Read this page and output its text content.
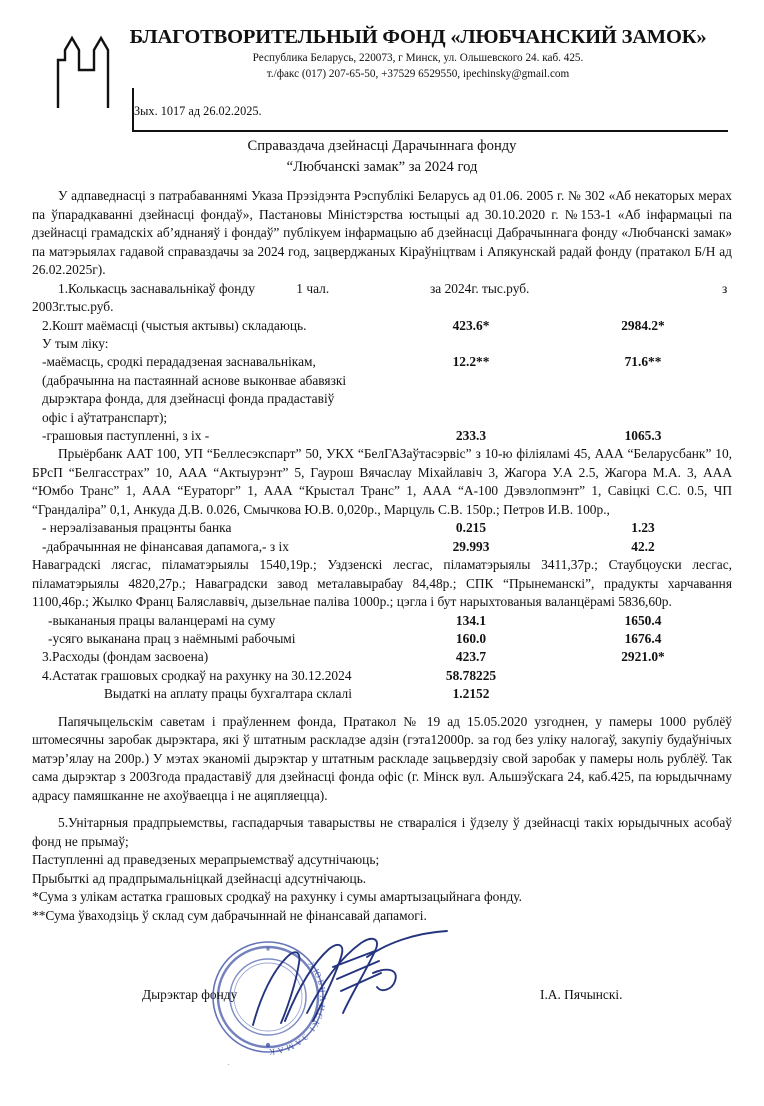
БЛАГОТВОРИТЕЛЬНЫЙ ФОНД «ЛЮБЧАНСКИЙ ЗАМОК»
Республика Беларусь, 220073, г Минск, ул. Ольшевского 24. каб. 425.
т./факс (017) 207-65-50, +37529 6529550, ipechinsky@gmail.com
Зых. 1017 ад 26.02.2025.
Справаздача дзейнасці Дарачыннага фонду
“Любчанскі замак” за 2024 год

У адпаведнасці з патрабаваннямі Указа Прэзідэнта Рэспублікі Беларусь ад 01.06. 2005 г. № 302 «Аб некаторых мерах па ўпарадкаванні дзейнасці фондаў», Пастановы Міністэрства юстыцыі ад 30.10.2020 г. №153-1 «Аб інфармацыі па дзейнасці грамадскіх аб’яднаняў і фондаў” публікуем інфармацыю аб дзейнасці Дабрачыннага фонду «Любчанскі замак» па матэрыялах гадавой справаздачы за 2024 год, зацверджаных Кіраўніцтвам і Апякунскай радай фонду (пратакол Б/Н ад 26.02.2025г).

1.Колькасць заснавальнікаў фонду	1 чал.	за 2024г. тыс.руб.	з
2003г.тыс.руб.
2.Кошт маёмасці (чыстыя актывы) складаюць.	423.6*	2984.2*
У тым ліку:
-маёмасць, сродкі перададзеная заснавальнікам,	12.2**	71.6**
(дабрачынна на пастаяннай аснове выконвае абавязкі
дырэктара фонда, для дзейнасці фонда прадаставіў
офіс і аўтатранспарт);
-грашовыя паступленні, з іх -	233.3	1065.3

Прыёрбанк ААТ 100, УП “Беллесэкспарт” 50, УКХ “БелГАЗаўтасэрвіс” з 10-ю філіяламі 45, ААА “Беларусбанк” 10, БРсП “Белгасстрах” 10, ААА “Актыурэнт” 5, Гаурош Вячаслау Міхайлавіч 3, Жагора У.А 2.5, Жагора М.А. 3, ААА “Юмбо Транс” 1, ААА “Еураторг” 1, ААА “Крыстал Транс” 1, ААА “А-100 Дэвэлопмэнт” 1, Савіцкі С.С. 0.5, ЧП “Грандаліра” 0,1, Анкуда Д.В. 0.026, Смычкова Ю.В. 0,020р., Марцуль С.В. 150р.; Петров И.В. 100р.,

- нерэалізаваныя працэнты банка	0.215	1.23
-дабрачынная не фінансавая дапамога,- з іх	29.993	42.2

Наваградскі лясгас, піламатэрыялы 1540,19р.; Уздзенскі лесгас, піламатэрыялы 3411,37р.; Стаубцоуски лесгас, піламатэрыялы 4820,27р.; Наваградски завод металавырабау 84,48р.; СПК “Прынеманскі”, прадукты харчавання 1100,46р.; Жылко Франц Баляславвіч, дызельнае паліва 1000р.; цэгла і бут нарыхтованыя валанцёрамі 5836,60р.

-выкананыя працы валанцерамі на суму	134.1	1650.4
-усяго выканана прац з наёмнымі рабочымі	160.0	1676.4
3.Расходы (фондам засвоена)	423.7	2921.0*
4.Астатак грашовых сродкаў на рахунку на 30.12.2024	58.78225
Выдаткі на аплату працы бухгалтара склалі	1.2152

Папячыцельскім саветам і праўленнем фонда, Пратакол № 19 ад 15.05.2020 узгоднен, у памеры 1000 рублёў штомесячны заробак дырэктара, які ў штатным раскладзе адзін (гэта12000р. за год без уліку налогаў, закупіу будаўнічых матэр’ялау на 200р.) У мэтах эканоміі дырэктар у штатным раскладе зацьвердзіу свой заробак у памеры ноль рублёў. Так сама дырэктар з 2003года прадаставіў для дзейнасці фонда офіс (г. Мінск вул. Альшэўскага 24, каб.425, па юрыдычнаму адрасу памяшканне не ахоўваецца і не ацяпляецца).

5.Унітарныя прадпрыемствы, гаспадарчыя таварыствы не стваралiся і ўдзелу ў дзейнасці такіх юрыдычных асобаў фонд не прымаў;

Паступленні ад праведзеных мерапрыемстваў адсутнічаюць;

Прыбыткі ад прадпрымальніцкай дзейнасці адсутнічаюць.

*Сума з улікам астатка грашовых сродкаў на рахунку і сумы амартызацыйнага фонду.

**Сума ўваходзіць ў склад сум дабрачыннай не фінансавай дапамогі.

ЛЮБЧАНСКІ ЗАМАК
Дырэктар фонду	І.А. Пячынскі.
